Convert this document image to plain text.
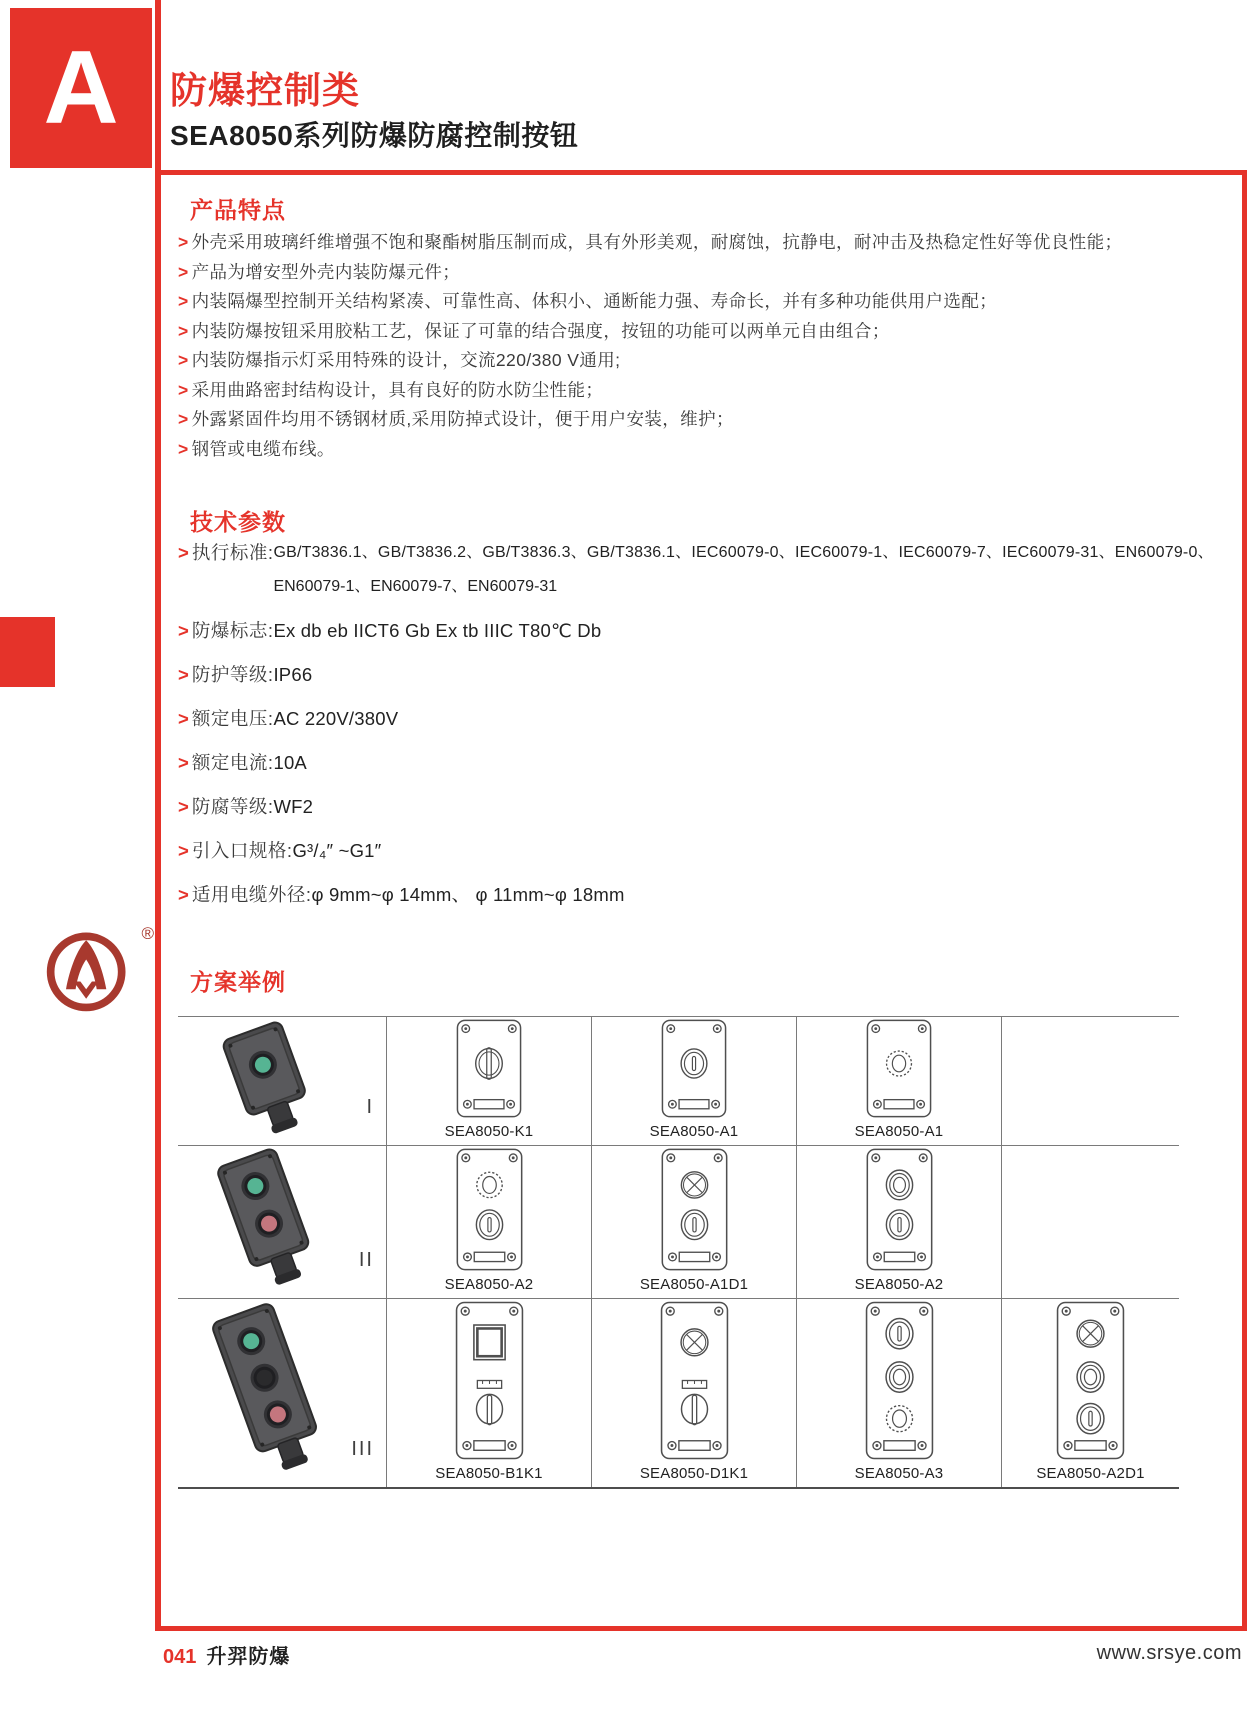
A 防爆控制类
SEA8050系列防爆防腐控制按钮
产品特点
> 外壳采用玻璃纤维增强不饱和聚酯树脂压制而成，具有外形美观，耐腐蚀，抗静电，耐冲击及热稳定性好等优良性能；
> 产品为增安型外壳内装防爆元件；
> 内装隔爆型控制开关结构紧凑、可靠性高、体积小、通断能力强、寿命长，并有多种功能供用户选配；
> 内装防爆按钮采用胶粘工艺，保证了可靠的结合强度，按钮的功能可以两单元自由组合；
> 内装防爆指示灯采用特殊的设计，交流220/380 V通用;
> 采用曲路密封结构设计，具有良好的防水防尘性能；
> 外露紧固件均用不锈钢材质,采用防掉式设计，便于用户安装，维护；
> 钢管或电缆布线。
技术参数
> 执行标准: GB/T3836.1、GB/T3836.2、GB/T3836.3、GB/T3836.1、IEC60079-0、IEC60079-1、IEC60079-7、IEC60079-31、EN60079-0、
EN60079-1、EN60079-7、EN60079-31
> 防爆标志: Ex db eb IICT6 Gb Ex tb IIIC T80℃ Db
> 防护等级: IP66
> 额定电压: AC 220V/380V
> 额定电流: 10A
> 防腐等级: WF2
> 引入口规格: G³/₄″ ~G1″
> 适用电缆外径: φ 9mm~φ 14mm、 φ 11mm~φ 18mm
®
方案举例
I
SEA8050-K1	SEA8050-A1	SEA8050-A1
II
SEA8050-A2	SEA8050-A1D1	SEA8050-A2
III
SEA8050-B1K1	SEA8050-D1K1	SEA8050-A3	SEA8050-A2D1
041 升羿防爆	www.srsye.com
